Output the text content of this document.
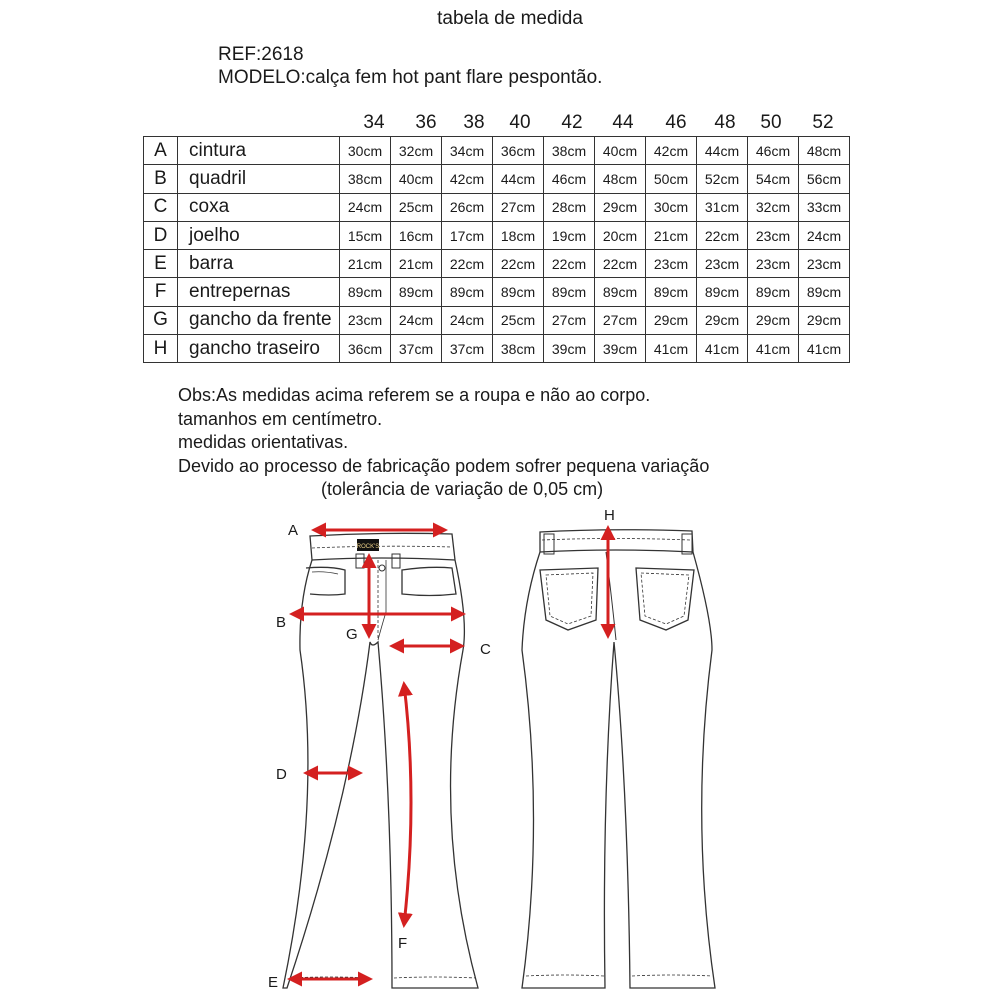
tabela de medida
REF:2618
MODELO:calça fem hot pant flare pespontão.
34	36	38	40	42	44	46	48	50	52
A	cintura	30cm	32cm	34cm	36cm	38cm	40cm	42cm	44cm	46cm	48cm
B	quadril	38cm	40cm	42cm	44cm	46cm	48cm	50cm	52cm	54cm	56cm
C	coxa	24cm	25cm	26cm	27cm	28cm	29cm	30cm	31cm	32cm	33cm
D	joelho	15cm	16cm	17cm	18cm	19cm	20cm	21cm	22cm	23cm	24cm
E	barra	21cm	21cm	22cm	22cm	22cm	22cm	23cm	23cm	23cm	23cm
F	entrepernas	89cm	89cm	89cm	89cm	89cm	89cm	89cm	89cm	89cm	89cm
G	gancho da frente	23cm	24cm	24cm	25cm	27cm	27cm	29cm	29cm	29cm	29cm
H	gancho traseiro	36cm	37cm	37cm	38cm	39cm	39cm	41cm	41cm	41cm	41cm
Obs:As medidas acima referem se a roupa e não ao corpo.
tamanhos em centímetro.
medidas orientativas.
Devido ao processo de fabricação podem sofrer pequena variação
(tolerância de variação de 0,05 cm)
ROCK'S
A
B
C
D
E
F
G
H
